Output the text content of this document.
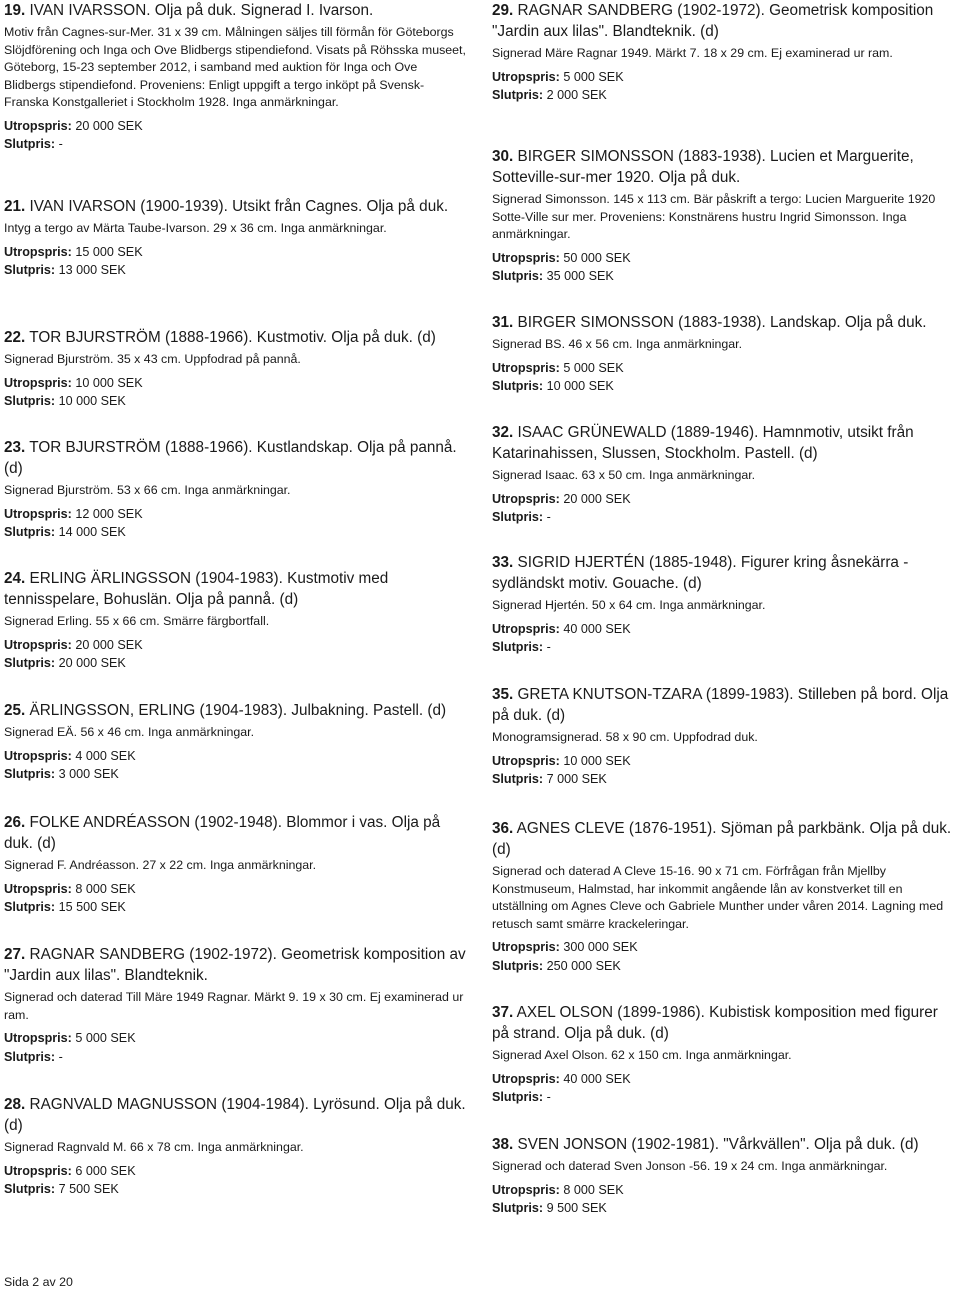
19. IVAN IVARSSON. Olja på duk. Signerad I. Ivarson.

Motiv från Cagnes-sur-Mer. 31 x 39 cm. Målningen säljes till förmån för Göteborgs Slöjdförening och Inga och Ove Blidbergs stipendiefond. Visats på Röhsska museet, Göteborg, 15-23 september 2012, i samband med auktion för Inga och Ove Blidbergs stipendiefond. Proveniens: Enligt uppgift a tergo inköpt på Svensk-Franska Konstgalleriet i Stockholm 1928. Inga anmärkningar.

Utropspris: 20 000 SEK

Slutpris: -

21. IVAN IVARSON (1900-1939). Utsikt från Cagnes. Olja på duk.

Intyg a tergo av Märta Taube-Ivarson. 29 x 36 cm. Inga anmärkningar.

Utropspris: 15 000 SEK

Slutpris: 13 000 SEK

22. TOR BJURSTRÖM (1888-1966). Kustmotiv. Olja på duk. (d)

Signerad Bjurström. 35 x 43 cm. Uppfodrad på pannå.

Utropspris: 10 000 SEK

Slutpris: 10 000 SEK

23. TOR BJURSTRÖM (1888-1966). Kustlandskap. Olja på pannå. (d)

Signerad Bjurström. 53 x 66 cm. Inga anmärkningar.

Utropspris: 12 000 SEK

Slutpris: 14 000 SEK

24. ERLING ÄRLINGSSON (1904-1983). Kustmotiv med tennisspelare, Bohuslän. Olja på pannå. (d)

Signerad Erling. 55 x 66 cm. Smärre färgbortfall.

Utropspris: 20 000 SEK

Slutpris: 20 000 SEK

25. ÄRLINGSSON, ERLING (1904-1983). Julbakning. Pastell. (d)

Signerad EÄ. 56 x 46 cm. Inga anmärkningar.

Utropspris: 4 000 SEK

Slutpris: 3 000 SEK

26. FOLKE ANDRÉASSON (1902-1948). Blommor i vas. Olja på duk. (d)

Signerad F. Andréasson. 27 x 22 cm. Inga anmärkningar.

Utropspris: 8 000 SEK

Slutpris: 15 500 SEK

27. RAGNAR SANDBERG (1902-1972). Geometrisk komposition av "Jardin aux lilas". Blandteknik.

Signerad och daterad Till Märe 1949 Ragnar. Märkt 9. 19 x 30 cm. Ej examinerad ur ram.

Utropspris: 5 000 SEK

Slutpris: -

28. RAGNVALD MAGNUSSON (1904-1984). Lyrösund. Olja på duk. (d)

Signerad Ragnvald M. 66 x 78 cm. Inga anmärkningar.

Utropspris: 6 000 SEK

Slutpris: 7 500 SEK

29. RAGNAR SANDBERG (1902-1972). Geometrisk komposition "Jardin aux lilas". Blandteknik. (d)

Signerad Märe Ragnar 1949. Märkt 7. 18 x 29 cm. Ej examinerad ur ram.

Utropspris: 5 000 SEK

Slutpris: 2 000 SEK

30. BIRGER SIMONSSON (1883-1938). Lucien et Marguerite, Sotteville-sur-mer 1920. Olja på duk.

Signerad Simonsson. 145 x 113 cm. Bär påskrift a tergo: Lucien Marguerite 1920 Sotte-Ville sur mer. Proveniens: Konstnärens hustru Ingrid Simonsson. Inga anmärkningar.

Utropspris: 50 000 SEK

Slutpris: 35 000 SEK

31. BIRGER SIMONSSON (1883-1938). Landskap. Olja på duk.

Signerad BS. 46 x 56 cm. Inga anmärkningar.

Utropspris: 5 000 SEK

Slutpris: 10 000 SEK

32. ISAAC GRÜNEWALD (1889-1946). Hamnmotiv, utsikt från Katarinahissen, Slussen, Stockholm. Pastell. (d)

Signerad Isaac. 63 x 50 cm. Inga anmärkningar.

Utropspris: 20 000 SEK

Slutpris: -

33. SIGRID HJERTÉN (1885-1948). Figurer kring åsnekärra - sydländskt motiv. Gouache. (d)

Signerad Hjertén. 50 x 64 cm. Inga anmärkningar.

Utropspris: 40 000 SEK

Slutpris: -

35. GRETA KNUTSON-TZARA (1899-1983). Stilleben på bord. Olja på duk. (d)

Monogramsignerad. 58 x 90 cm. Uppfodrad duk.

Utropspris: 10 000 SEK

Slutpris: 7 000 SEK

36. AGNES CLEVE (1876-1951). Sjöman på parkbänk. Olja på duk. (d)

Signerad och daterad A Cleve 15-16. 90 x 71 cm. Förfrågan från Mjellby Konstmuseum, Halmstad, har inkommit angående lån av konstverket till en utställning om Agnes Cleve och Gabriele Munther under våren 2014. Lagning med retusch samt smärre krackeleringar.

Utropspris: 300 000 SEK

Slutpris: 250 000 SEK

37. AXEL OLSON (1899-1986). Kubistisk komposition med figurer på strand. Olja på duk. (d)

Signerad Axel Olson. 62 x 150 cm. Inga anmärkningar.

Utropspris: 40 000 SEK

Slutpris: -

38. SVEN JONSON (1902-1981). "Vårkvällen". Olja på duk. (d)

Signerad och daterad Sven Jonson -56. 19 x 24 cm. Inga anmärkningar.

Utropspris: 8 000 SEK

Slutpris: 9 500 SEK

Sida 2 av 20
